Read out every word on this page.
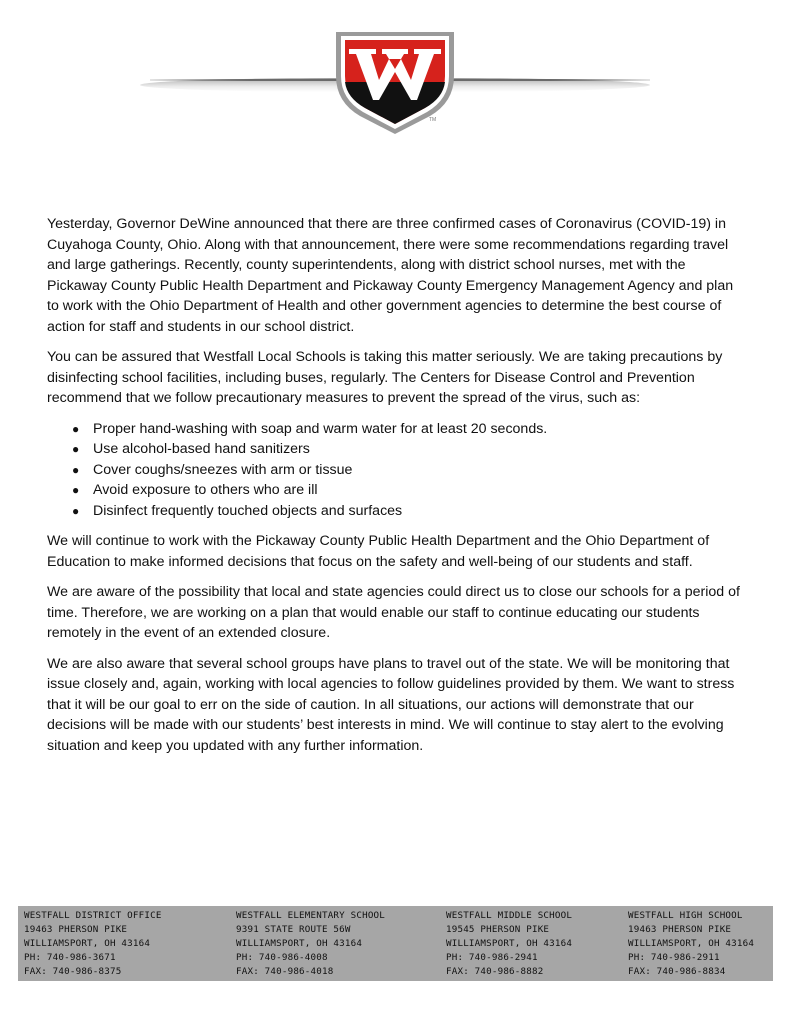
TM

Yesterday, Governor DeWine announced that there are three confirmed cases of Coronavirus (COVID-19) in Cuyahoga County, Ohio. Along with that announcement, there were some recommendations regarding travel and large gatherings. Recently, county superintendents, along with district school nurses, met with the Pickaway County Public Health Department and Pickaway County Emergency Management Agency and plan to work with the Ohio Department of Health and other government agencies to determine the best course of action for staff and students in our school district.

You can be assured that Westfall Local Schools is taking this matter seriously. We are taking precautions by disinfecting school facilities, including buses, regularly. The Centers for Disease Control and Prevention recommend that we follow precautionary measures to prevent the spread of the virus, such as:

● Proper hand-washing with soap and warm water for at least 20 seconds.
● Use alcohol-based hand sanitizers
● Cover coughs/sneezes with arm or tissue
● Avoid exposure to others who are ill
● Disinfect frequently touched objects and surfaces

We will continue to work with the Pickaway County Public Health Department and the Ohio Department of Education to make informed decisions that focus on the safety and well-being of our students and staff.

We are aware of the possibility that local and state agencies could direct us to close our schools for a period of time. Therefore, we are working on a plan that would enable our staff to continue educating our students remotely in the event of an extended closure.

We are also aware that several school groups have plans to travel out of the state. We will be monitoring that issue closely and, again, working with local agencies to follow guidelines provided by them. We want to stress that it will be our goal to err on the side of caution. In all situations, our actions will demonstrate that our decisions will be made with our students’ best interests in mind. We will continue to stay alert to the evolving situation and keep you updated with any further information.

WESTFALL DISTRICT OFFICE
19463 PHERSON PIKE
WILLIAMSPORT, OH 43164
PH: 740-986-3671
FAX: 740-986-8375
WESTFALL ELEMENTARY SCHOOL
9391 STATE ROUTE 56W
WILLIAMSPORT, OH 43164
PH: 740-986-4008
FAX: 740-986-4018
WESTFALL MIDDLE SCHOOL
19545 PHERSON PIKE
WILLIAMSPORT, OH 43164
PH: 740-986-2941
FAX: 740-986-8882
WESTFALL HIGH SCHOOL
19463 PHERSON PIKE
WILLIAMSPORT, OH 43164
PH: 740-986-2911
FAX: 740-986-8834
